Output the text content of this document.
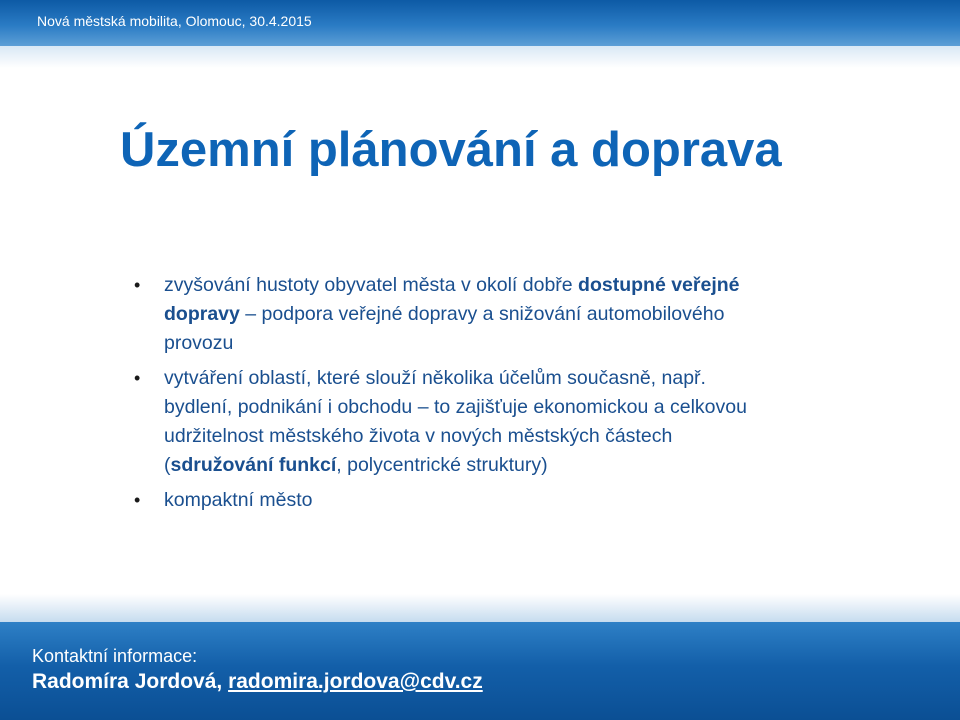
Nová městská mobilita, Olomouc, 30.4.2015
Územní plánování a doprava
• zvyšování hustoty obyvatel města v okolí dobře dostupné veřejné dopravy – podpora veřejné dopravy a snižování automobilového provozu
• vytváření oblastí, které slouží několika účelům současně, např. bydlení, podnikání i obchodu – to zajišťuje ekonomickou a celkovou udržitelnost městského života v nových městských částech (sdružování funkcí, polycentrické struktury)
• kompaktní město
Kontaktní informace:
Radomíra Jordová, radomira.jordova@cdv.cz
